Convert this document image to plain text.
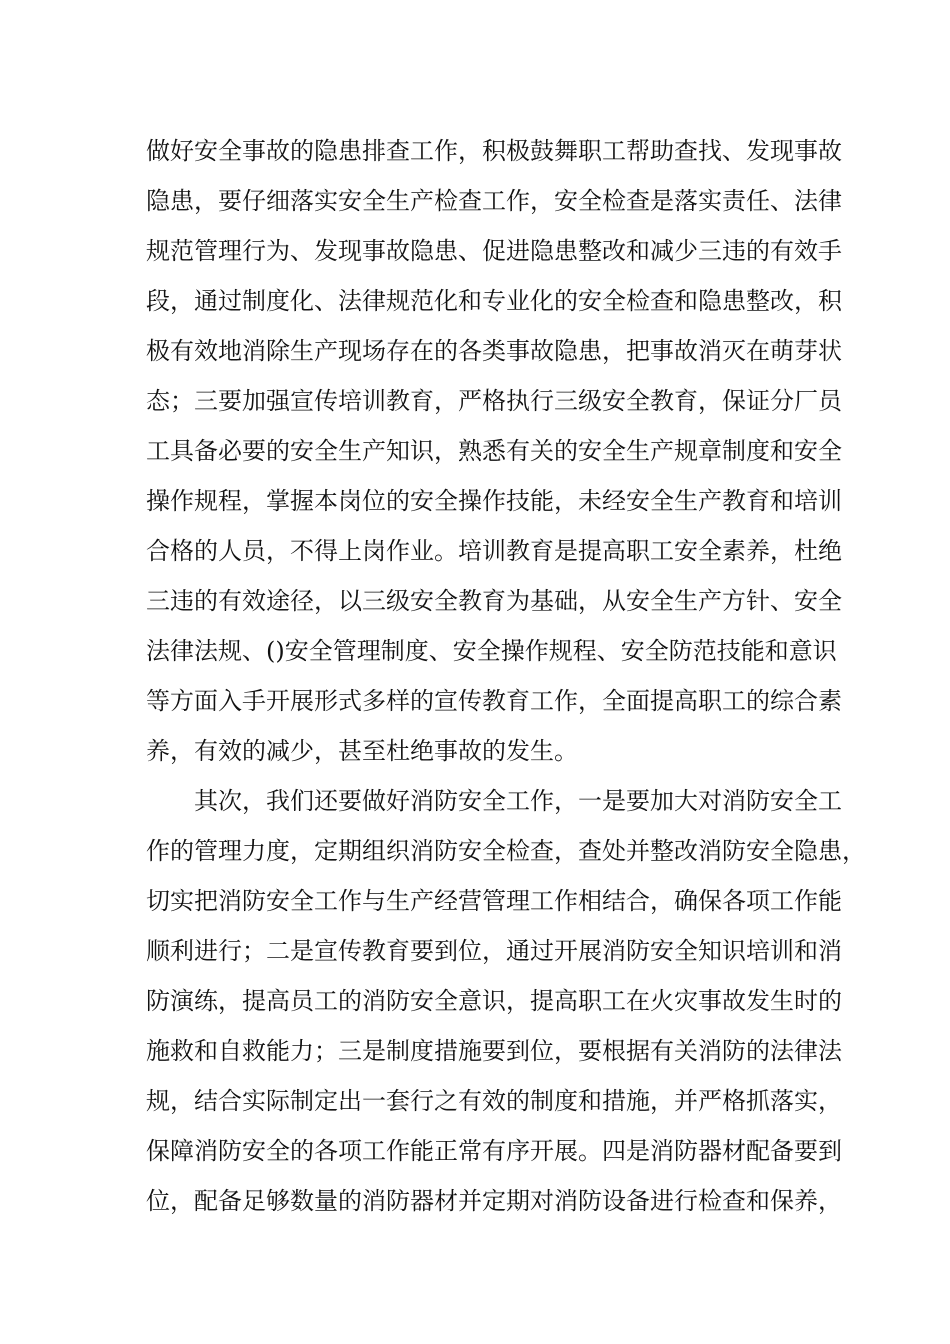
做好安全事故的隐患排查工作，积极鼓舞职工帮助查找、发现事故
隐患，要仔细落实安全生产检查工作，安全检查是落实责任、法律
规范管理行为、发现事故隐患、促进隐患整改和减少三违的有效手
段，通过制度化、法律规范化和专业化的安全检查和隐患整改，积
极有效地消除生产现场存在的各类事故隐患，把事故消灭在萌芽状
态；三要加强宣传培训教育，严格执行三级安全教育，保证分厂员
工具备必要的安全生产知识，熟悉有关的安全生产规章制度和安全
操作规程，掌握本岗位的安全操作技能，未经安全生产教育和培训
合格的人员，不得上岗作业。培训教育是提高职工安全素养，杜绝
三违的有效途径，以三级安全教育为基础，从安全生产方针、安全
法律法规、()安全管理制度、安全操作规程、安全防范技能和意识
等方面入手开展形式多样的宣传教育工作，全面提高职工的综合素
养，有效的减少，甚至杜绝事故的发生。
其次，我们还要做好消防安全工作，一是要加大对消防安全工
作的管理力度，定期组织消防安全检查，查处并整改消防安全隐患，
切实把消防安全工作与生产经营管理工作相结合，确保各项工作能
顺利进行；二是宣传教育要到位，通过开展消防安全知识培训和消
防演练，提高员工的消防安全意识，提高职工在火灾事故发生时的
施救和自救能力；三是制度措施要到位，要根据有关消防的法律法
规，结合实际制定出一套行之有效的制度和措施，并严格抓落实，
保障消防安全的各项工作能正常有序开展。四是消防器材配备要到
位，配备足够数量的消防器材并定期对消防设备进行检查和保养，
